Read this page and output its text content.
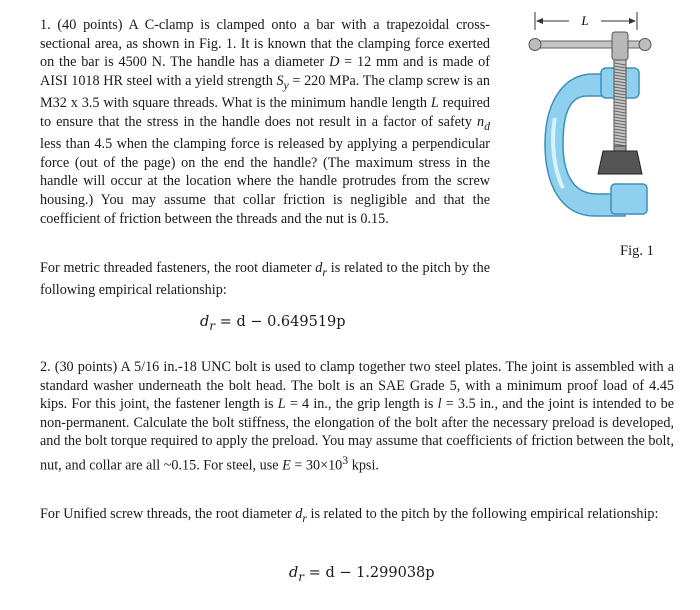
1. (40 points) A C-clamp is clamped onto a bar with a trapezoidal cross-sectional area, as shown in Fig. 1. It is known that the clamping force exerted on the bar is 4500 N. The handle has a diameter D = 12 mm and is made of AISI 1018 HR steel with a yield strength $S_y = 220$ MPa. The clamp screw is an M32 x 3.5 with square threads. What is the minimum handle length L required to ensure that the stress in the handle does not result in a factor of safety $n_d$ less than 4.5 when the clamping force is released by applying a perpendicular force (out of the page) on the end the handle? (The maximum stress in the handle will occur at the location where the handle protrudes from the screw housing.) You may assume that collar friction is negligible and that the coefficient of friction between the threads and the nut is 0.15.

For metric threaded fasteners, the root diameter $d_r$ is related to the pitch by the following empirical relationship:

$d_r = d - 0.649519p$

2. (30 points) A 5/16 in.-18 UNC bolt is used to clamp together two steel plates. The joint is assembled with a standard washer underneath the bolt head. The bolt is an SAE Grade 5, with a minimum proof load of 4.45 kips. For this joint, the fastener length is L = 4 in., the grip length is l = 3.5 in., and the joint is intended to be non-permanent. Calculate the bolt stiffness, the elongation of the bolt after the necessary preload is developed, and the bolt torque required to apply the preload. You may assume that coefficients of friction between the bolt, nut, and collar are all ~0.15. For steel, use $E = 30\times 10^3$ kpsi.

For Unified screw threads, the root diameter $d_r$ is related to the pitch by the following empirical relationship:

$d_r = d - 1.299038p$
Fig. 1
L
